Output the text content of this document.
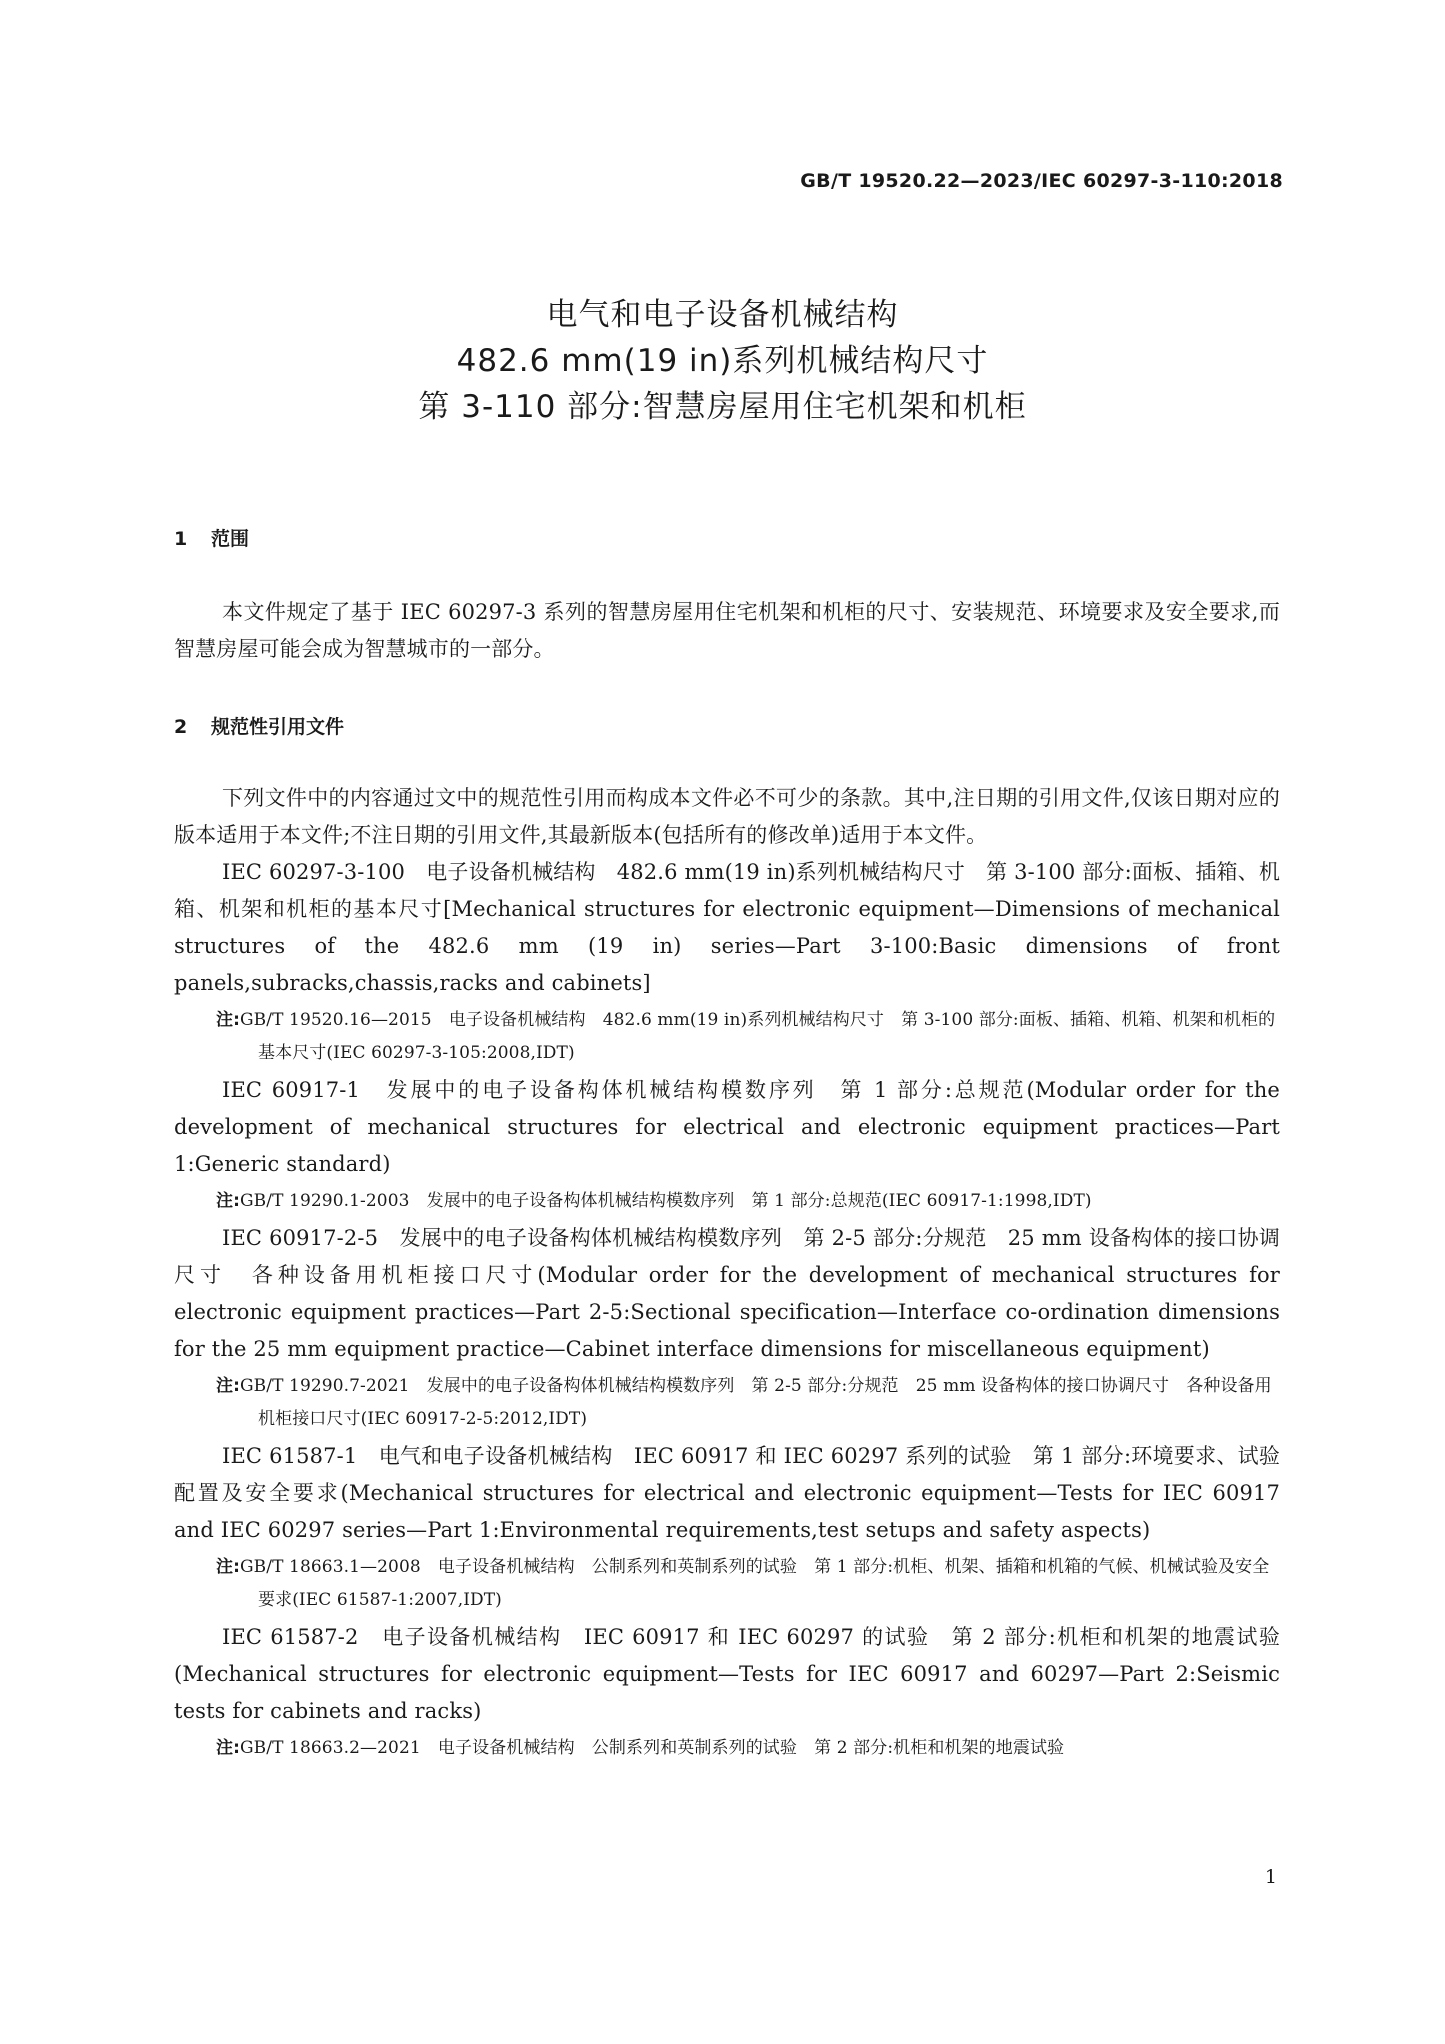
GB/T 19520.22—2023/IEC 60297-3-110:2018
电气和电子设备机械结构
482.6 mm(19 in)系列机械结构尺寸
第 3-110 部分:智慧房屋用住宅机架和机柜
1 范围

本文件规定了基于 IEC 60297-3 系列的智慧房屋用住宅机架和机柜的尺寸、安装规范、环境要求及安全要求,而智慧房屋可能会成为智慧城市的一部分。

2 规范性引用文件

下列文件中的内容通过文中的规范性引用而构成本文件必不可少的条款。其中,注日期的引用文件,仅该日期对应的版本适用于本文件;不注日期的引用文件,其最新版本(包括所有的修改单)适用于本文件。

IEC 60297-3-100　电子设备机械结构　482.6 mm(19 in)系列机械结构尺寸　第 3-100 部分:面板、插箱、机箱、机架和机柜的基本尺寸[Mechanical structures for electronic equipment—Dimensions of mechanical structures of the 482.6 mm (19 in) series—Part 3-100:Basic dimensions of front panels,subracks,chassis,racks and cabinets]

注:GB/T 19520.16—2015　电子设备机械结构　482.6 mm(19 in)系列机械结构尺寸　第 3-100 部分:面板、插箱、机箱、机架和机柜的基本尺寸(IEC 60297-3-105:2008,IDT)

IEC 60917-1　发展中的电子设备构体机械结构模数序列　第 1 部分:总规范(Modular order for the development of mechanical structures for electrical and electronic equipment practices—Part 1:Generic standard)

注:GB/T 19290.1-2003　发展中的电子设备构体机械结构模数序列　第 1 部分:总规范(IEC 60917-1:1998,IDT)

IEC 60917-2-5　发展中的电子设备构体机械结构模数序列　第 2-5 部分:分规范　25 mm 设备构体的接口协调尺寸　各种设备用机柜接口尺寸(Modular order for the development of mechanical structures for electronic equipment practices—Part 2-5:Sectional specification—Interface co-ordination dimensions for the 25 mm equipment practice—Cabinet interface dimensions for miscellaneous equipment)

注:GB/T 19290.7-2021　发展中的电子设备构体机械结构模数序列　第 2-5 部分:分规范　25 mm 设备构体的接口协调尺寸　各种设备用机柜接口尺寸(IEC 60917-2-5:2012,IDT)

IEC 61587-1　电气和电子设备机械结构　IEC 60917 和 IEC 60297 系列的试验　第 1 部分:环境要求、试验配置及安全要求(Mechanical structures for electrical and electronic equipment—Tests for IEC 60917 and IEC 60297 series—Part 1:Environmental requirements,test setups and safety aspects)

注:GB/T 18663.1—2008　电子设备机械结构　公制系列和英制系列的试验　第 1 部分:机柜、机架、插箱和机箱的气候、机械试验及安全要求(IEC 61587-1:2007,IDT)

IEC 61587-2　电子设备机械结构　IEC 60917 和 IEC 60297 的试验　第 2 部分:机柜和机架的地震试验(Mechanical structures for electronic equipment—Tests for IEC 60917 and 60297—Part 2:Seismic tests for cabinets and racks)

注:GB/T 18663.2—2021　电子设备机械结构　公制系列和英制系列的试验　第 2 部分:机柜和机架的地震试验

1
